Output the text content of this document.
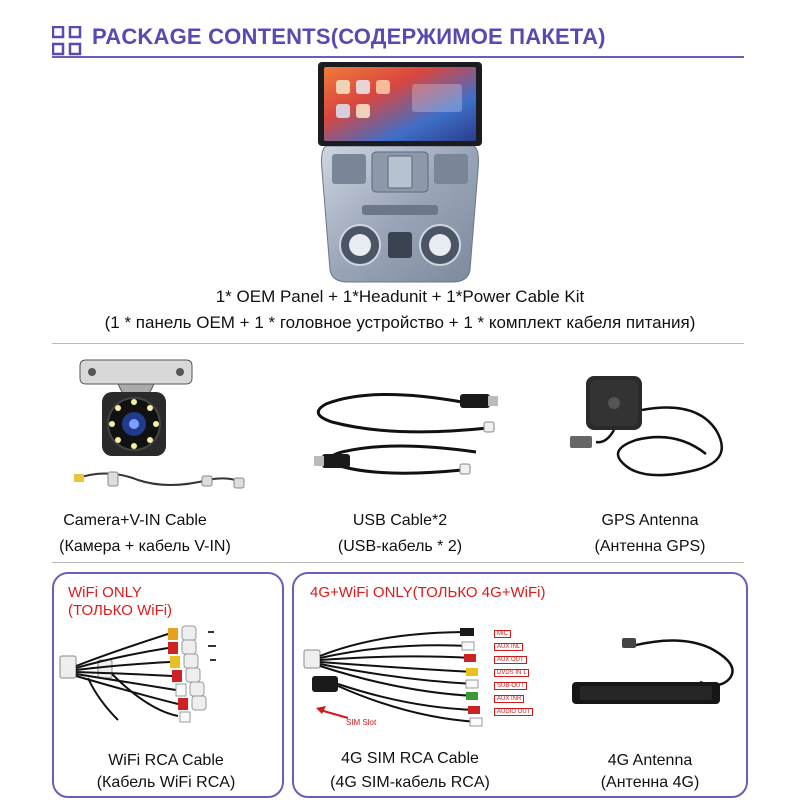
PACKAGE CONTENTS(СОДЕРЖИМОЕ ПАКЕТА)
1* OEM Panel + 1*Headunit + 1*Power Cable Kit
(1 * панель OEM + 1 * головное устройство + 1 * комплект кабеля питания)
Camera+V-IN Cable
(Камера + кабель V-IN)
USB Cable*2
(USB-кабель * 2)
GPS Antenna
(Антенна GPS)
WiFi ONLY
(ТОЛЬКО WiFi)
WiFi RCA Cable
(Кабель WiFi RCA)
4G+WiFi ONLY(ТОЛЬКО 4G+WiFi)
MIC
AUX INL
AUX OUT
DVDS IN 1
SUB-OUT
AUX INR
AUDIO OUT
SIM Slot
4G SIM RCA Cable
(4G SIM-кабель RCA)
4G Antenna
(Антенна 4G)
